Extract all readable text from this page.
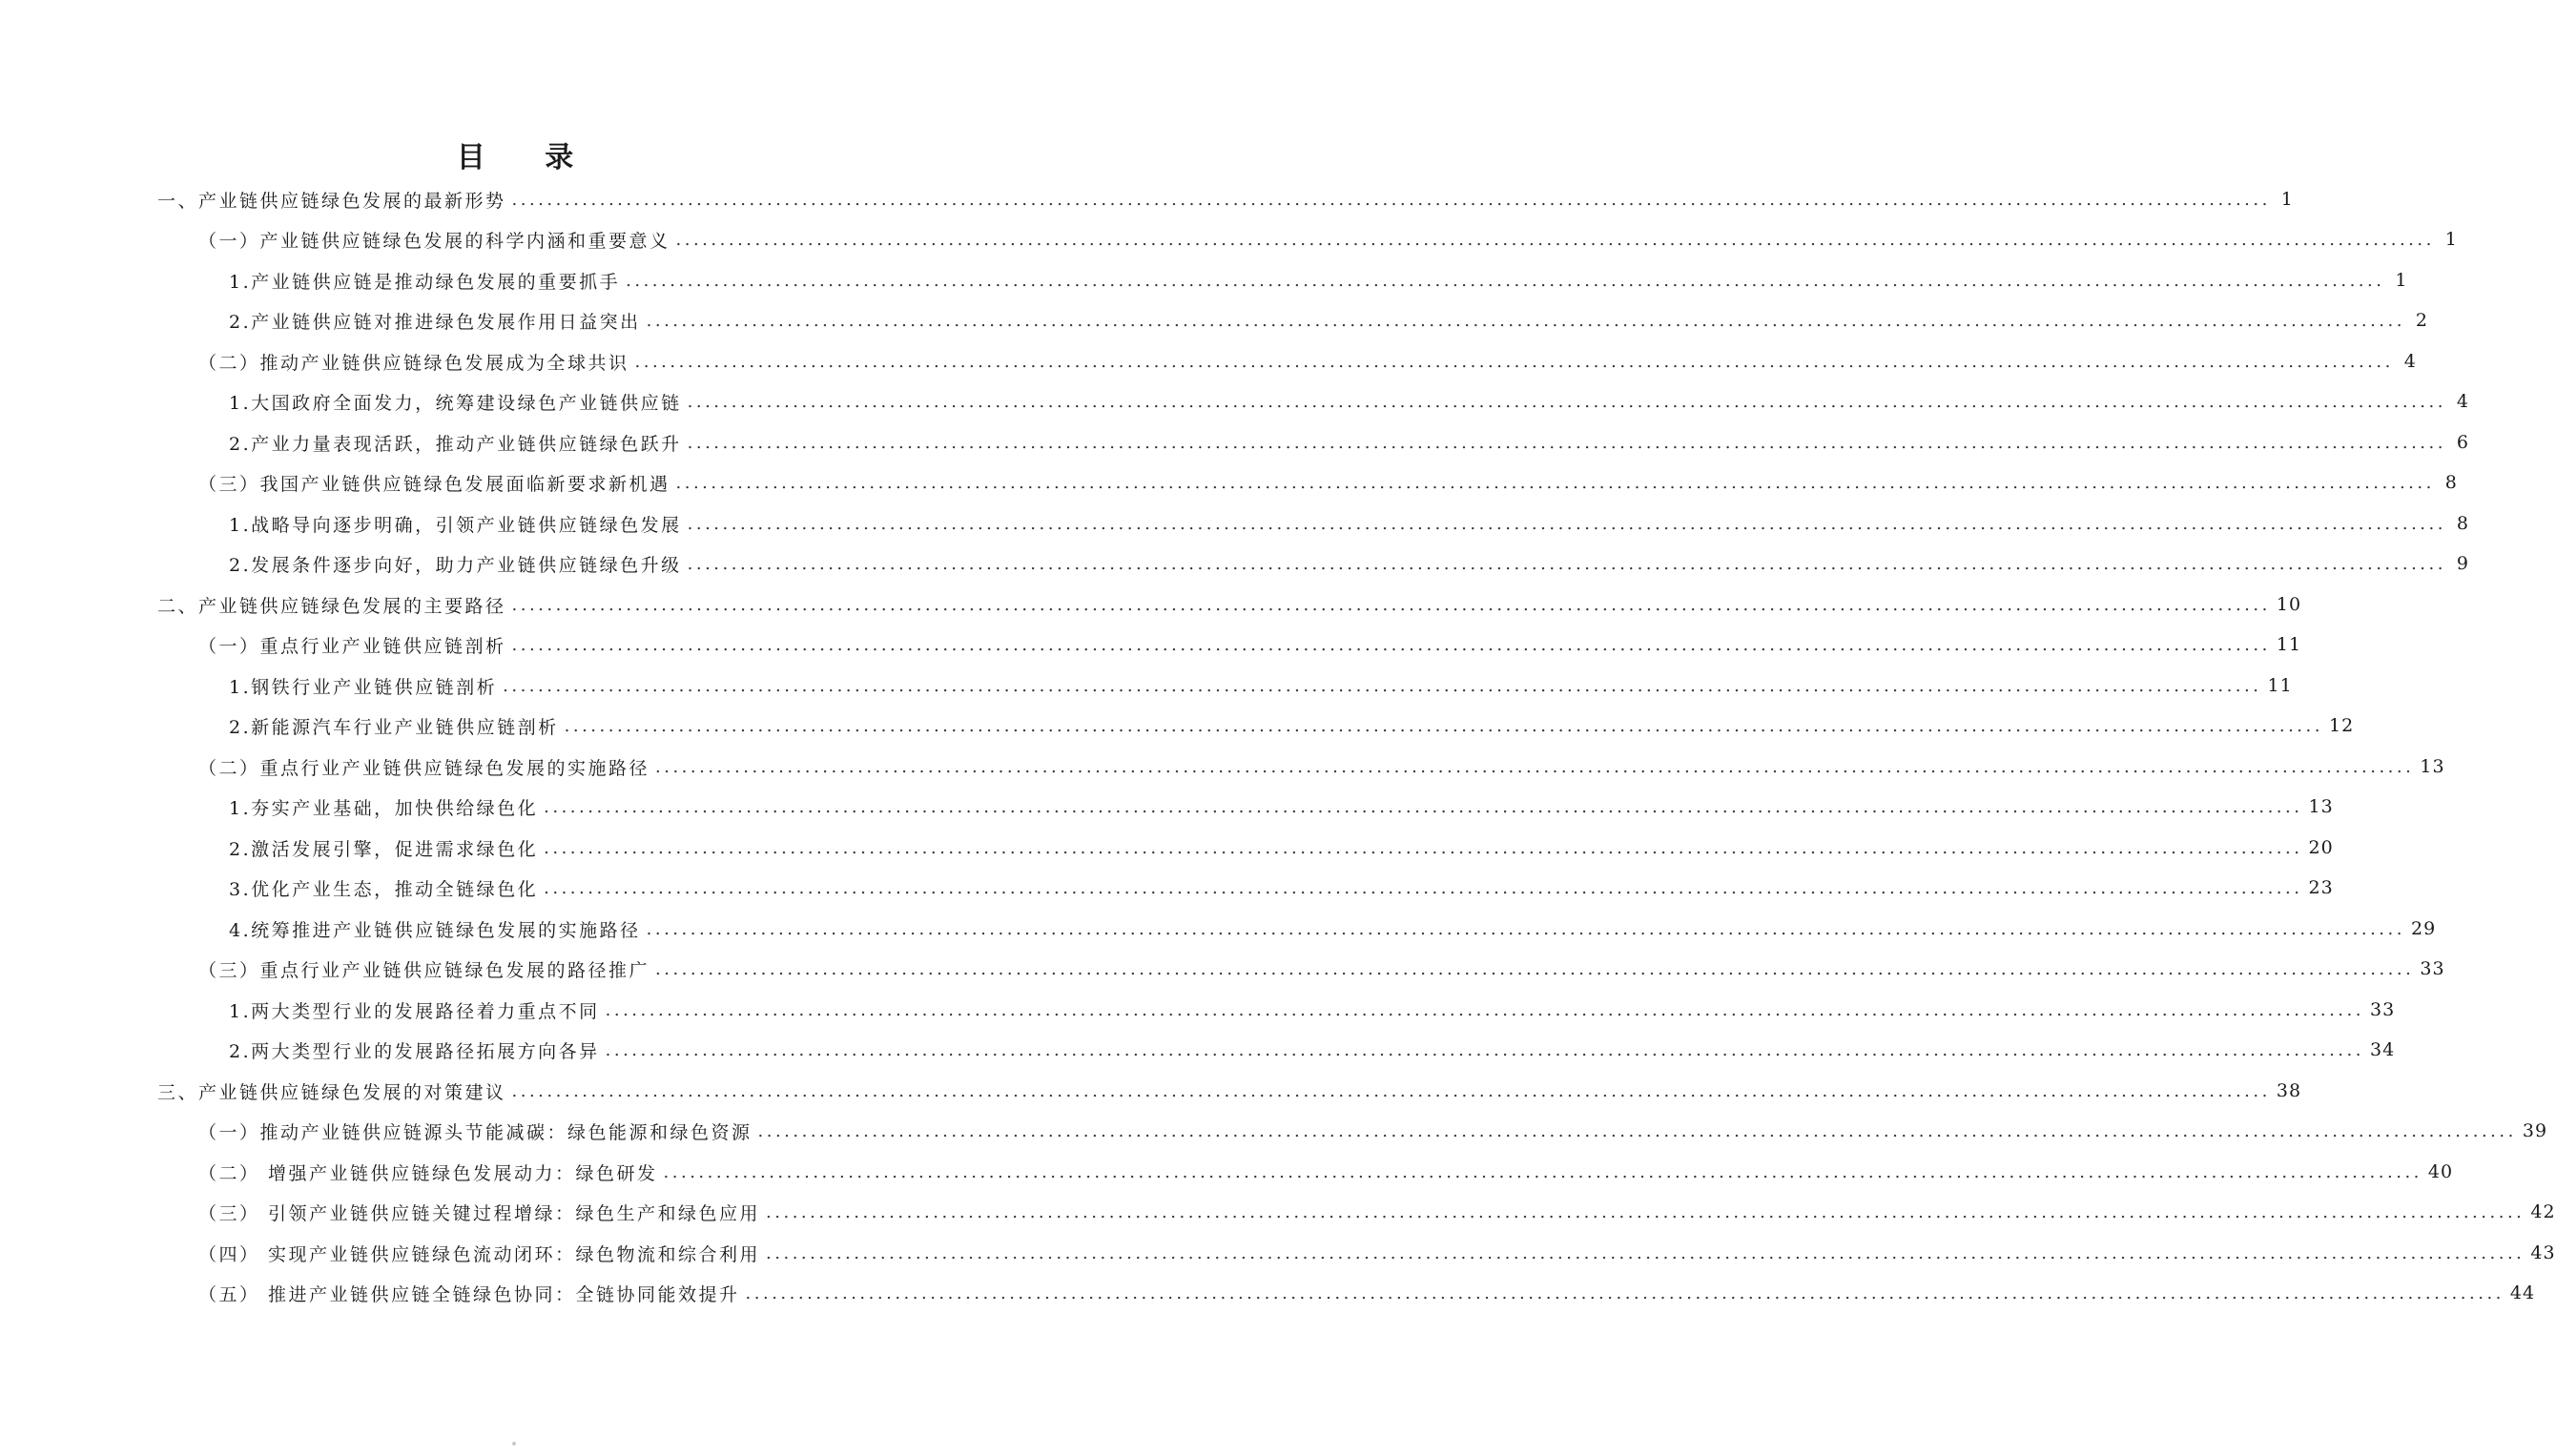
目 录
一、产业链供应链绿色发展的最新形势 ........................................................................................................................................................................................................ 1
（一）产业链供应链绿色发展的科学内涵和重要意义 ........................................................................................................................................................................................................ 1
1.产业链供应链是推动绿色发展的重要抓手 ........................................................................................................................................................................................................ 1
2.产业链供应链对推进绿色发展作用日益突出 ........................................................................................................................................................................................................ 2
（二）推动产业链供应链绿色发展成为全球共识 ........................................................................................................................................................................................................ 4
1.大国政府全面发力，统筹建设绿色产业链供应链 ........................................................................................................................................................................................................ 4
2.产业力量表现活跃，推动产业链供应链绿色跃升 ........................................................................................................................................................................................................ 6
（三）我国产业链供应链绿色发展面临新要求新机遇 ........................................................................................................................................................................................................ 8
1.战略导向逐步明确，引领产业链供应链绿色发展 ........................................................................................................................................................................................................ 8
2.发展条件逐步向好，助力产业链供应链绿色升级 ........................................................................................................................................................................................................ 9
二、产业链供应链绿色发展的主要路径 ........................................................................................................................................................................................................ 10
（一）重点行业产业链供应链剖析 ........................................................................................................................................................................................................ 11
1.钢铁行业产业链供应链剖析 ........................................................................................................................................................................................................ 11
2.新能源汽车行业产业链供应链剖析 ........................................................................................................................................................................................................ 12
（二）重点行业产业链供应链绿色发展的实施路径 ........................................................................................................................................................................................................ 13
1.夯实产业基础，加快供给绿色化 ........................................................................................................................................................................................................ 13
2.激活发展引擎，促进需求绿色化 ........................................................................................................................................................................................................ 20
3.优化产业生态，推动全链绿色化 ........................................................................................................................................................................................................ 23
4.统筹推进产业链供应链绿色发展的实施路径 ........................................................................................................................................................................................................ 29
（三）重点行业产业链供应链绿色发展的路径推广 ........................................................................................................................................................................................................ 33
1.两大类型行业的发展路径着力重点不同 ........................................................................................................................................................................................................ 33
2.两大类型行业的发展路径拓展方向各异 ........................................................................................................................................................................................................ 34
三、产业链供应链绿色发展的对策建议 ........................................................................................................................................................................................................ 38
（一）推动产业链供应链源头节能减碳：绿色能源和绿色资源 ........................................................................................................................................................................................................ 39
（二） 增强产业链供应链绿色发展动力：绿色研发 ........................................................................................................................................................................................................ 40
（三） 引领产业链供应链关键过程增绿：绿色生产和绿色应用 ........................................................................................................................................................................................................ 42
（四） 实现产业链供应链绿色流动闭环：绿色物流和综合利用 ........................................................................................................................................................................................................ 43
（五） 推进产业链供应链全链绿色协同：全链协同能效提升 ........................................................................................................................................................................................................ 44
